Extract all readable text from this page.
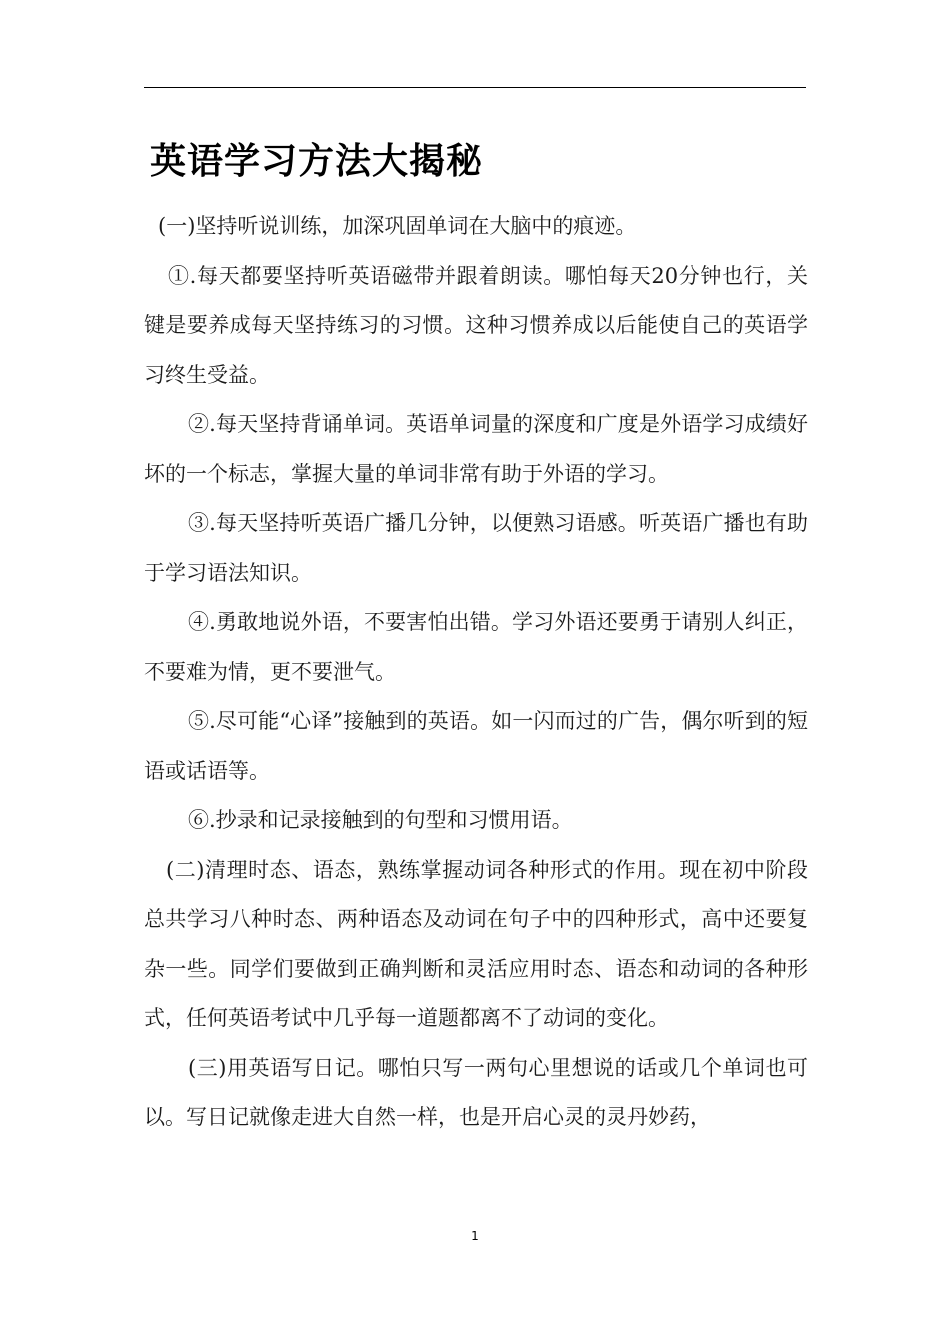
英语学习方法大揭秘

(一)坚持听说训练，加深巩固单词在大脑中的痕迹。

①.每天都要坚持听英语磁带并跟着朗读。哪怕每天20分钟也行，关键是要养成每天坚持练习的习惯。这种习惯养成以后能使自己的英语学习终生受益。

②.每天坚持背诵单词。英语单词量的深度和广度是外语学习成绩好坏的一个标志，掌握大量的单词非常有助于外语的学习。

③.每天坚持听英语广播几分钟，以便熟习语感。听英语广播也有助于学习语法知识。

④.勇敢地说外语，不要害怕出错。学习外语还要勇于请别人纠正，不要难为情，更不要泄气。

⑤.尽可能“心译”接触到的英语。如一闪而过的广告，偶尔听到的短语或话语等。

⑥.抄录和记录接触到的句型和习惯用语。

(二)清理时态、语态，熟练掌握动词各种形式的作用。现在初中阶段总共学习八种时态、两种语态及动词在句子中的四种形式，高中还要复杂一些。同学们要做到正确判断和灵活应用时态、语态和动词的各种形式，任何英语考试中几乎每一道题都离不了动词的变化。

(三)用英语写日记。哪怕只写一两句心里想说的话或几个单词也可以。写日记就像走进大自然一样，也是开启心灵的灵丹妙药，

1
